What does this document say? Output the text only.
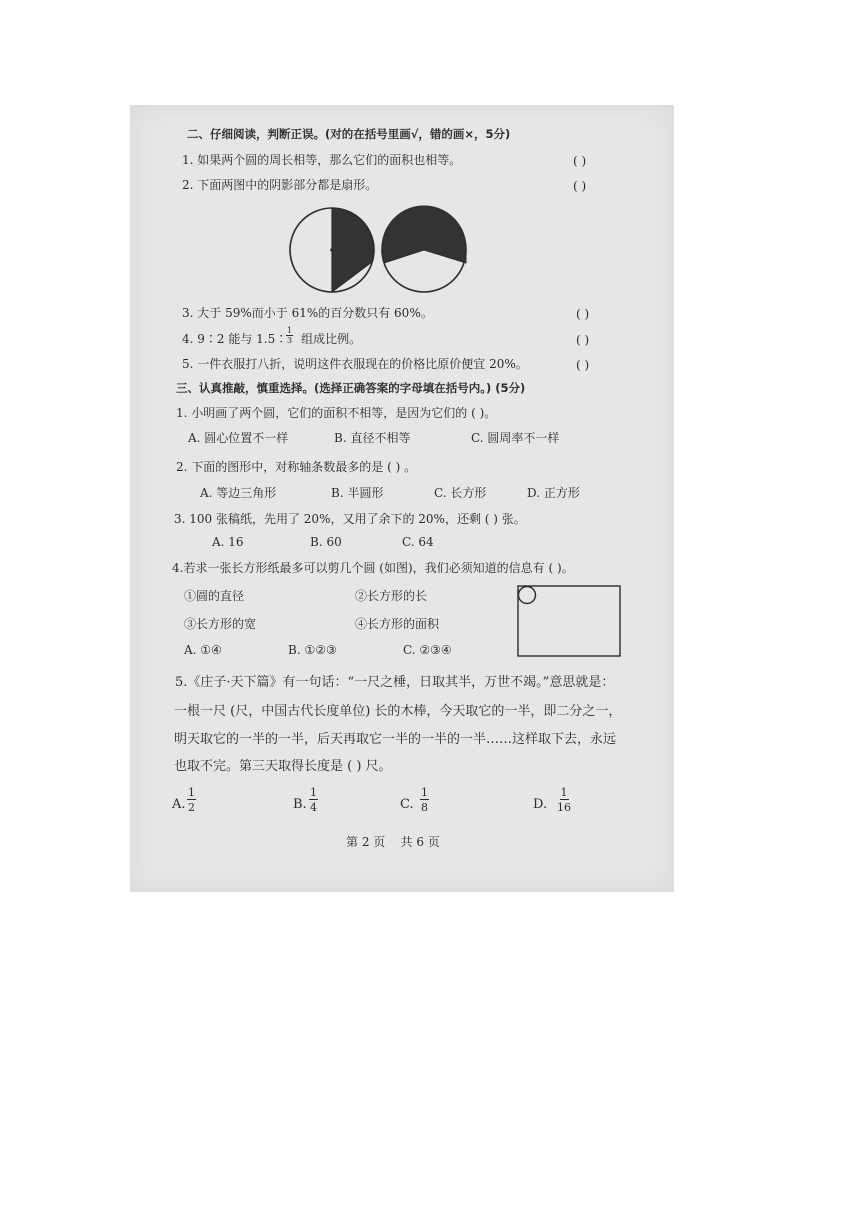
二、仔细阅读，判断正误。(对的在括号里画√，错的画×，5分)
1. 如果两个圆的周长相等，那么它们的面积也相等。	( )
2. 下面两图中的阴影部分都是扇形。	( )
3. 大于 59%而小于 61%的百分数只有 60%。	( )
4. 9∶2 能与 1.5∶ 组成比例。
$\frac{1}{3}$	( )
5. 一件衣服打八折，说明这件衣服现在的价格比原价便宜 20%。	( )
三、认真推敲，慎重选择。(选择正确答案的字母填在括号内。) (5分)
1. 小明画了两个圆，它们的面积不相等，是因为它们的 ( )。
A. 圆心位置不一样	B. 直径不相等	C. 圆周率不一样
2. 下面的图形中，对称轴条数最多的是 ( ) 。
A. 等边三角形	B. 半圆形	C. 长方形	D. 正方形
3. 100 张稿纸，先用了 20%，又用了余下的 20%，还剩 ( ) 张。
A. 16	B. 60	C. 64
4.若求一张长方形纸最多可以剪几个圆 (如图)，我们必须知道的信息有 ( )。
①圆的直径	②长方形的长
③长方形的宽	④长方形的面积
A. ①④	B. ①②③	C. ②③④
5.《庄子·天下篇》有一句话：“一尺之棰，日取其半，万世不竭。”意思就是：
一根一尺 (尺，中国古代长度单位) 长的木棒，今天取它的一半，即二分之一，
明天取它的一半的一半，后天再取它一半的一半的一半……这样取下去，永远
也取不完。第三天取得长度是 ( ) 尺。
A. $\frac{1}{2}$	B. $\frac{1}{4}$	C. $\frac{1}{8}$	D. $\frac{1}{16}$
第 2 页    共 6 页
